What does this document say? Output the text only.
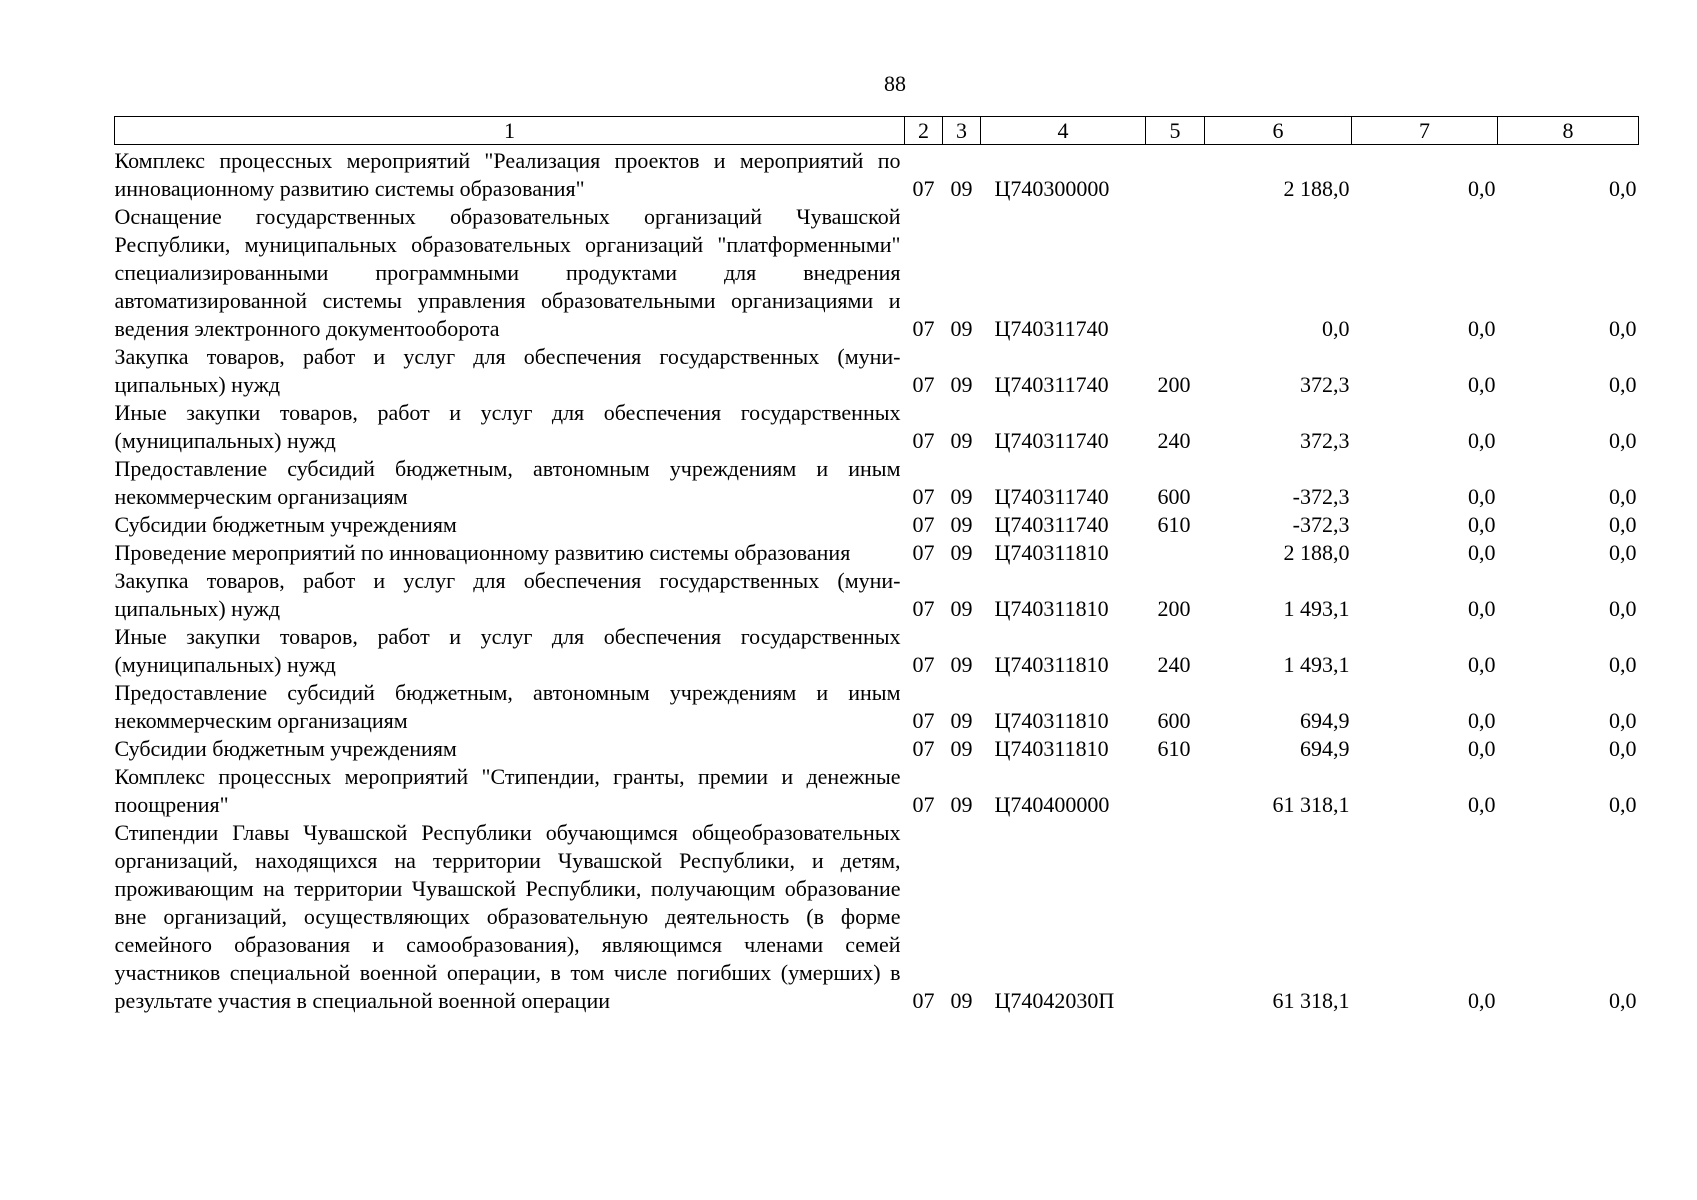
88
1	2	3	4	5	6	7	8
Комплекс процессных мероприятий "Реализация проектов и мероприятий по инновационному развитию системы образования"	07	09	Ц740300000		2 188,0	0,0	0,0
Оснащение государственных образовательных организаций Чувашской Республики, муниципальных образовательных организаций "платформенными" специализированными программными продуктами для внедрения автоматизированной системы управления образовательными организациями и ведения электронного документооборота	07	09	Ц740311740		0,0	0,0	0,0
Закупка товаров, работ и услуг для обеспечения государственных (муниципальных) нужд	07	09	Ц740311740	200	372,3	0,0	0,0
Иные закупки товаров, работ и услуг для обеспечения государственных (муниципальных) нужд	07	09	Ц740311740	240	372,3	0,0	0,0
Предоставление субсидий бюджетным, автономным учреждениям и иным некоммерческим организациям	07	09	Ц740311740	600	-372,3	0,0	0,0
Субсидии бюджетным учреждениям	07	09	Ц740311740	610	-372,3	0,0	0,0
Проведение мероприятий по инновационному развитию системы образования	07	09	Ц740311810		2 188,0	0,0	0,0
Закупка товаров, работ и услуг для обеспечения государственных (муниципальных) нужд	07	09	Ц740311810	200	1 493,1	0,0	0,0
Иные закупки товаров, работ и услуг для обеспечения государственных (муниципальных) нужд	07	09	Ц740311810	240	1 493,1	0,0	0,0
Предоставление субсидий бюджетным, автономным учреждениям и иным некоммерческим организациям	07	09	Ц740311810	600	694,9	0,0	0,0
Субсидии бюджетным учреждениям	07	09	Ц740311810	610	694,9	0,0	0,0
Комплекс процессных мероприятий "Стипендии, гранты, премии и денежные поощрения"	07	09	Ц740400000		61 318,1	0,0	0,0
Стипендии Главы Чувашской Республики обучающимся общеобразовательных организаций, находящихся на территории Чувашской Республики, и детям, проживающим на территории Чувашской Республики, получающим образование вне организаций, осуществляющих образовательную деятельность (в форме семейного образования и самообразования), являющимся членами семей участников специальной военной операции, в том числе погибших (умерших) в результате участия в специальной военной операции	07	09	Ц74042030П		61 318,1	0,0	0,0
